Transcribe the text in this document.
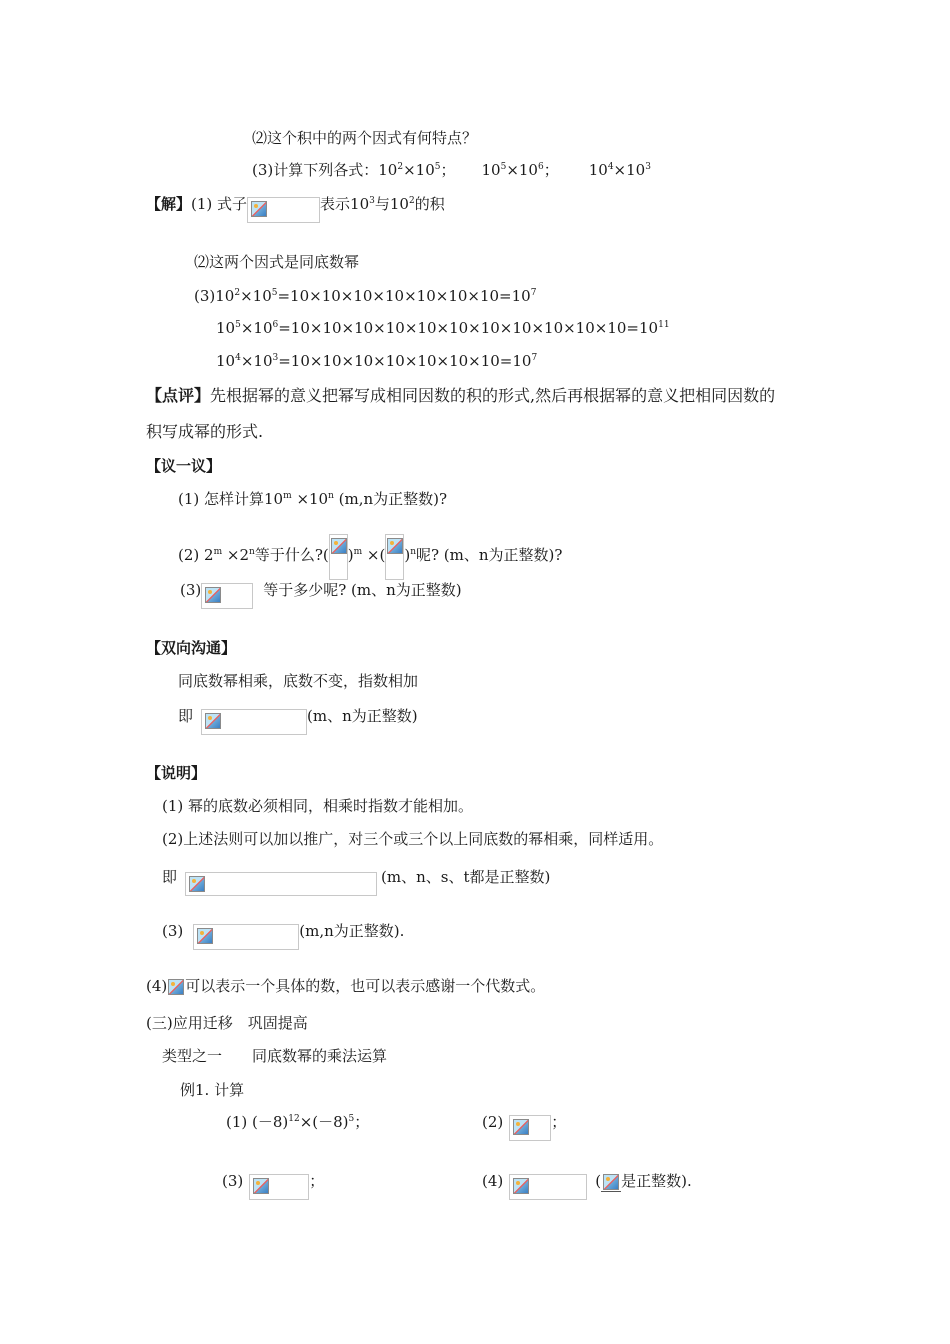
⑵这个积中的两个因式有何特点？
(3)计算下列各式：$10^2\times 10^5$； $10^5\times 10^6$； $10^4\times 10^3$
【解】(1) 式子	表示$10^3$与$10^2$的积
⑵这两个因式是同底数幂
$(3)10^2\times 10^5=10\times 10\times 10\times 10\times 10\times 10\times 10=10^7$
$10^5\times 10^6=10\times 10\times 10\times 10\times 10\times 10\times 10\times 10\times 10\times 10\times 10=10^{11}$
$10^4\times 10^3=10\times 10\times 10\times 10\times 10\times 10\times 10=10^7$
【点评】先根据幂的意义把幂写成相同因数的积的形式,然后再根据幂的意义把相同因数的
积写成幂的形式.
【议一议】
(1) 怎样计算$10^m \times 10^n$ (m,n为正整数)?
(2) $2^m \times 2^n$等于什么?( )$^m$ ×( )$^n$呢? (m、n为正整数)?
(3)	等于多少呢? (m、n为正整数)
【双向沟通】
同底数幂相乘，底数不变，指数相加
即	(m、n为正整数)
【说明】
(1) 幂的底数必须相同，相乘时指数才能相加。
(2)上述法则可以加以推广，对三个或三个以上同底数的幂相乘，同样适用。
即	(m、n、s、t都是正整数)
(3)	(m,n为正整数).
(4) 可以表示一个具体的数，也可以表示感谢一个代数式。
(三)应用迁移　巩固提高
类型之一　　同底数幂的乘法运算
例1. 计算
(1) $(-8)^{12}\times(-8)^5$；	(2)	；
(3)	；	(4)	( 是正整数).
